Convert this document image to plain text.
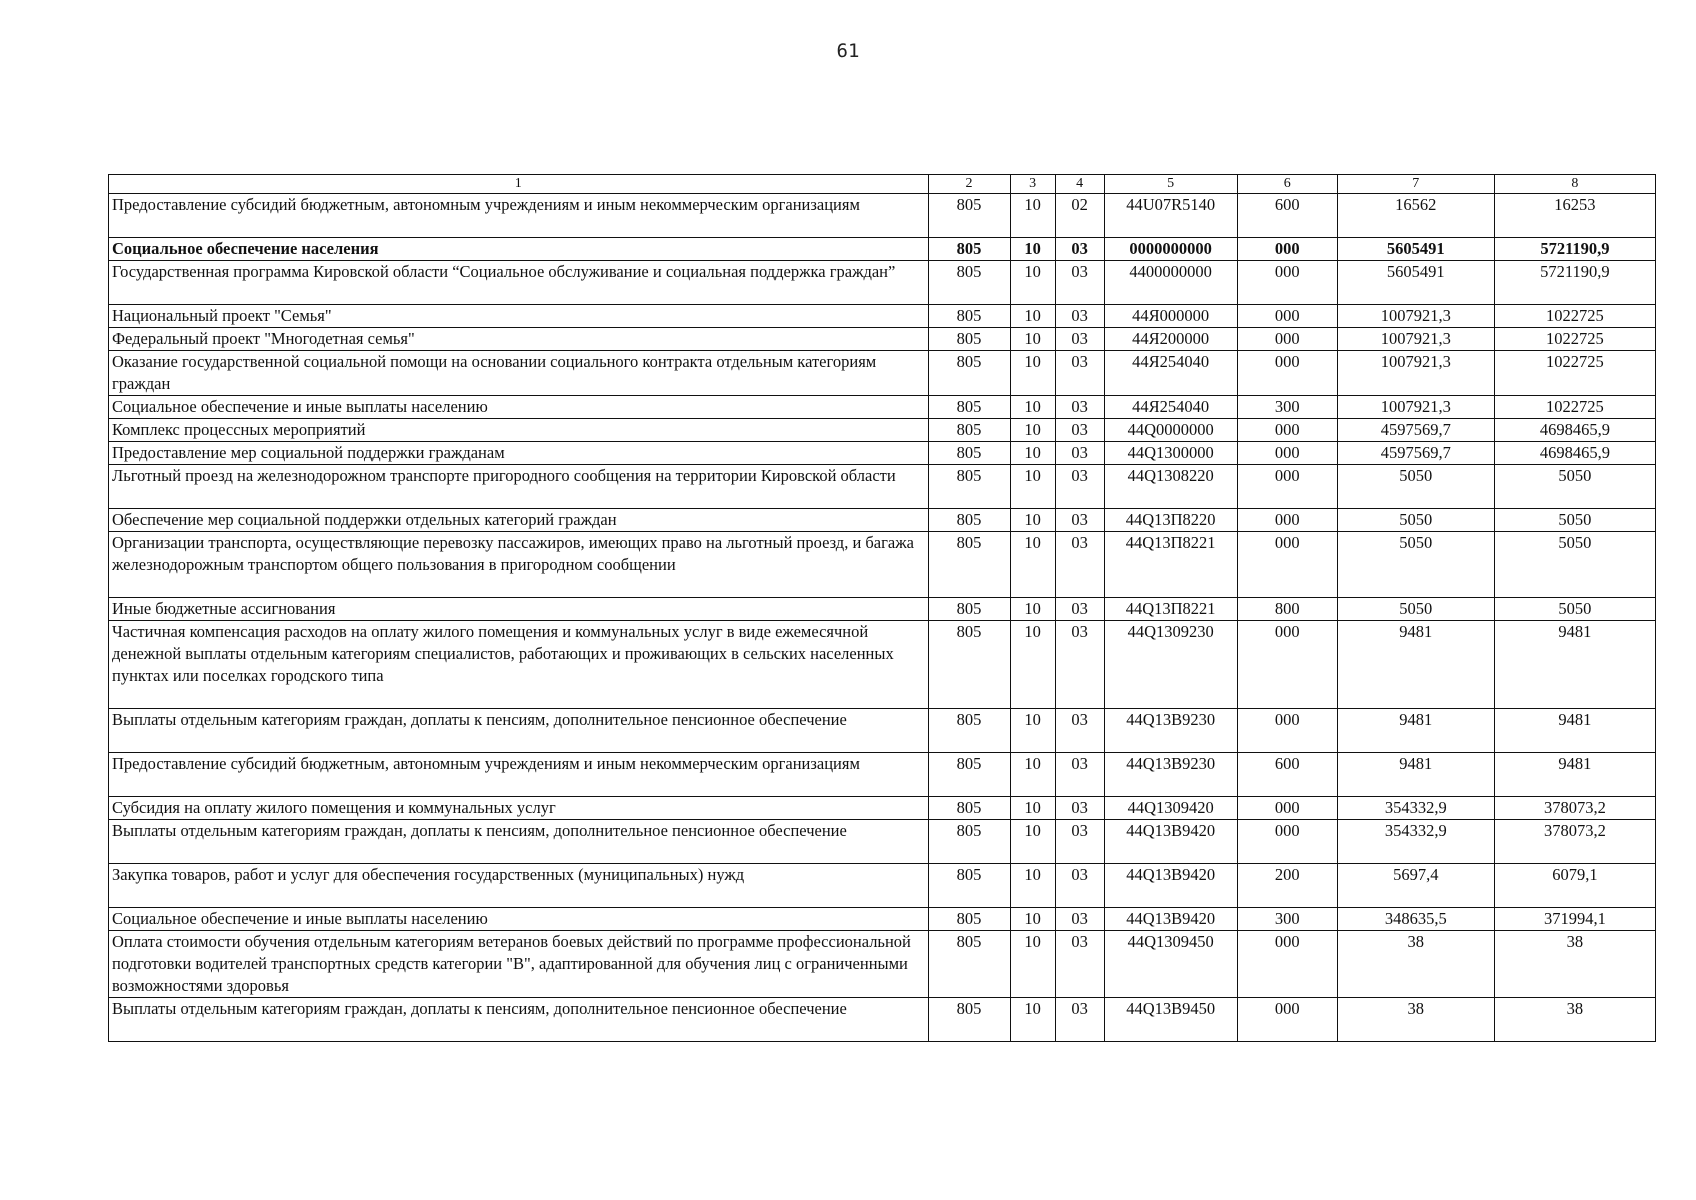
61
1	2	3	4	5	6	7	8
Предоставление субсидий бюджетным, автономным учреждениям и иным некоммерческим организациям	805	10	02	44U07R5140	600	16562	16253
Социальное обеспечение населения	805	10	03	0000000000	000	5605491	5721190,9
Государственная программа Кировской области “Социальное обслуживание и социальная поддержка граждан”	805	10	03	4400000000	000	5605491	5721190,9
Национальный проект "Семья"	805	10	03	44Я000000	000	1007921,3	1022725
Федеральный проект "Многодетная семья"	805	10	03	44Я200000	000	1007921,3	1022725
Оказание государственной социальной помощи на основании социального контракта отдельным категориям граждан	805	10	03	44Я254040	000	1007921,3	1022725
Социальное обеспечение и иные выплаты населению	805	10	03	44Я254040	300	1007921,3	1022725
Комплекс процессных мероприятий	805	10	03	44Q0000000	000	4597569,7	4698465,9
Предоставление мер социальной поддержки гражданам	805	10	03	44Q1300000	000	4597569,7	4698465,9
Льготный проезд на железнодорожном транспорте пригородного сообщения на территории Кировской области	805	10	03	44Q1308220	000	5050	5050
Обеспечение мер социальной поддержки отдельных категорий граждан	805	10	03	44Q13П8220	000	5050	5050
Организации транспорта, осуществляющие перевозку пассажиров, имеющих право на льготный проезд, и багажа железнодорожным транспортом общего пользования в пригородном сообщении	805	10	03	44Q13П8221	000	5050	5050
Иные бюджетные ассигнования	805	10	03	44Q13П8221	800	5050	5050
Частичная компенсация расходов на оплату жилого помещения и коммунальных услуг в виде ежемесячной денежной выплаты отдельным категориям специалистов, работающих и проживающих в сельских населенных пунктах или поселках городского типа	805	10	03	44Q1309230	000	9481	9481
Выплаты отдельным категориям граждан, доплаты к пенсиям, дополнительное пенсионное обеспечение	805	10	03	44Q13B9230	000	9481	9481
Предоставление субсидий бюджетным, автономным учреждениям и иным некоммерческим организациям	805	10	03	44Q13B9230	600	9481	9481
Субсидия на оплату жилого помещения и коммунальных услуг	805	10	03	44Q1309420	000	354332,9	378073,2
Выплаты отдельным категориям граждан, доплаты к пенсиям, дополнительное пенсионное обеспечение	805	10	03	44Q13B9420	000	354332,9	378073,2
Закупка товаров, работ и услуг для обеспечения государственных (муниципальных) нужд	805	10	03	44Q13B9420	200	5697,4	6079,1
Социальное обеспечение и иные выплаты населению	805	10	03	44Q13B9420	300	348635,5	371994,1
Оплата стоимости обучения отдельным категориям ветеранов боевых действий по программе профессиональной подготовки водителей транспортных средств категории "В", адаптированной для обучения лиц с ограниченными возможностями здоровья	805	10	03	44Q1309450	000	38	38
Выплаты отдельным категориям граждан, доплаты к пенсиям, дополнительное пенсионное обеспечение	805	10	03	44Q13B9450	000	38	38
